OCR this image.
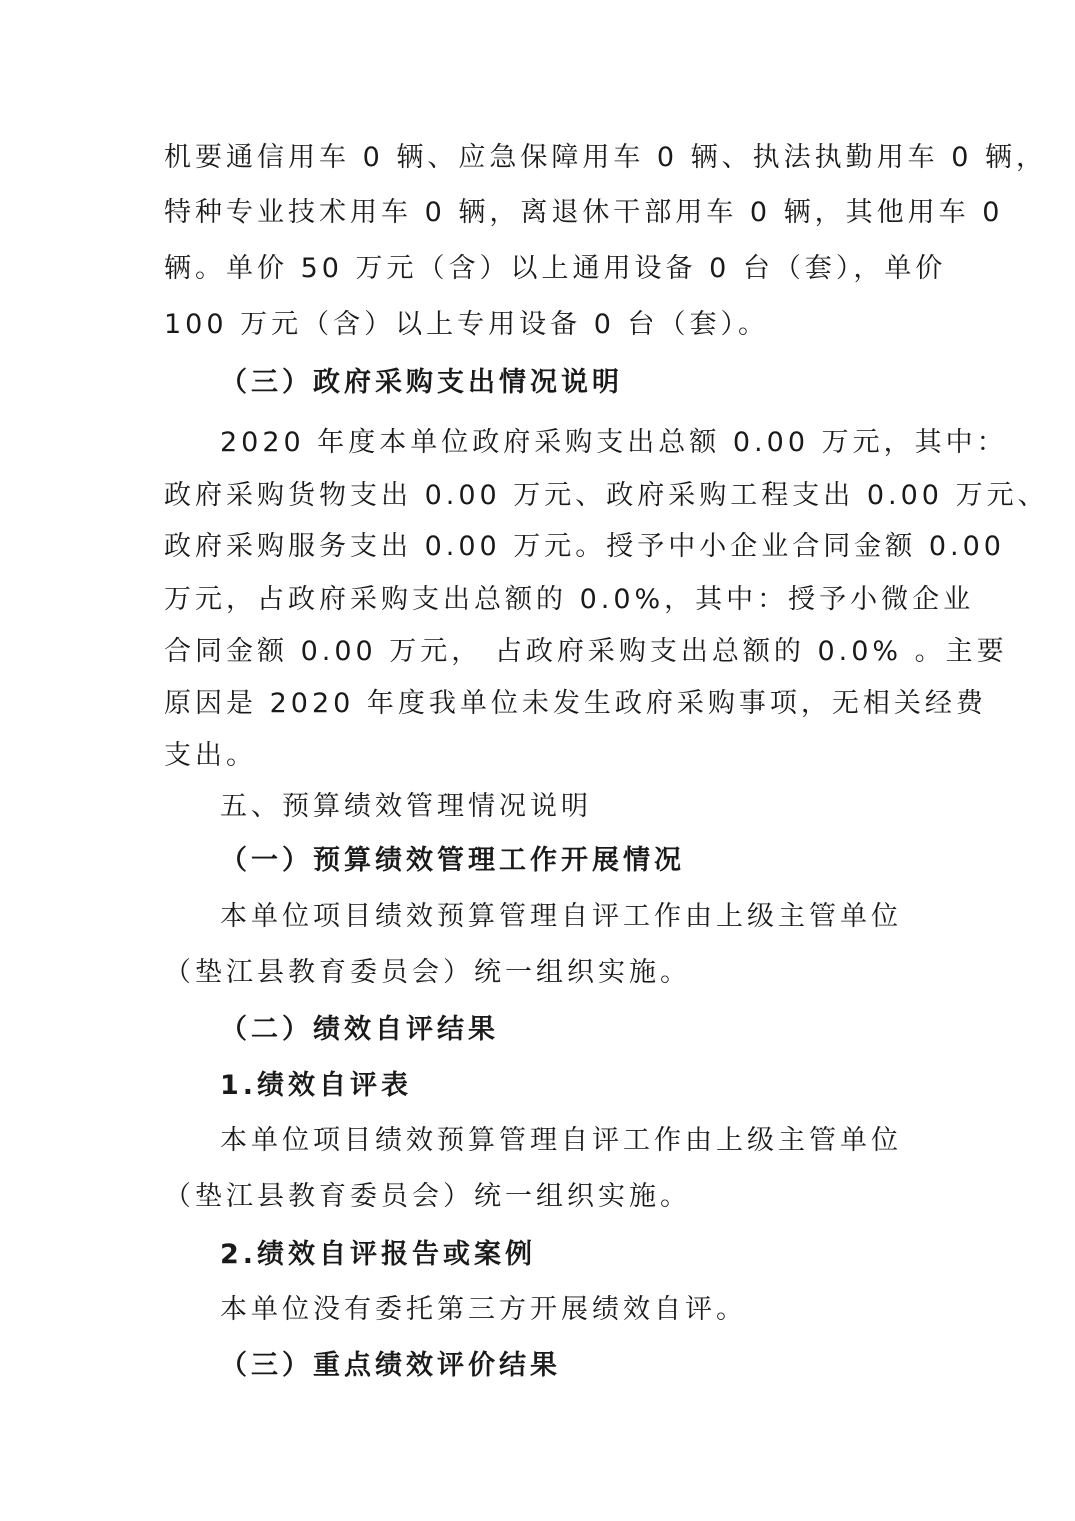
机要通信用车 0 辆、应急保障用车 0 辆、执法执勤用车 0 辆，
特种专业技术用车 0 辆，离退休干部用车 0 辆，其他用车 0
辆。单价 50 万元（含）以上通用设备 0 台（套），单价
100 万元（含）以上专用设备 0 台（套）。
（三）政府采购支出情况说明
2020 年度本单位政府采购支出总额 0.00 万元，其中：
政府采购货物支出 0.00 万元、政府采购工程支出 0.00 万元、
政府采购服务支出 0.00 万元。授予中小企业合同金额 0.00
万元，占政府采购支出总额的 0.0%，其中：授予小微企业
合同金额 0.00 万元， 占政府采购支出总额的 0.0% 。主要
原因是 2020 年度我单位未发生政府采购事项，无相关经费
支出。
五、预算绩效管理情况说明
（一）预算绩效管理工作开展情况
本单位项目绩效预算管理自评工作由上级主管单位
（垫江县教育委员会）统一组织实施。
（二）绩效自评结果
1.绩效自评表
本单位项目绩效预算管理自评工作由上级主管单位
（垫江县教育委员会）统一组织实施。
2.绩效自评报告或案例
本单位没有委托第三方开展绩效自评。
（三）重点绩效评价结果
